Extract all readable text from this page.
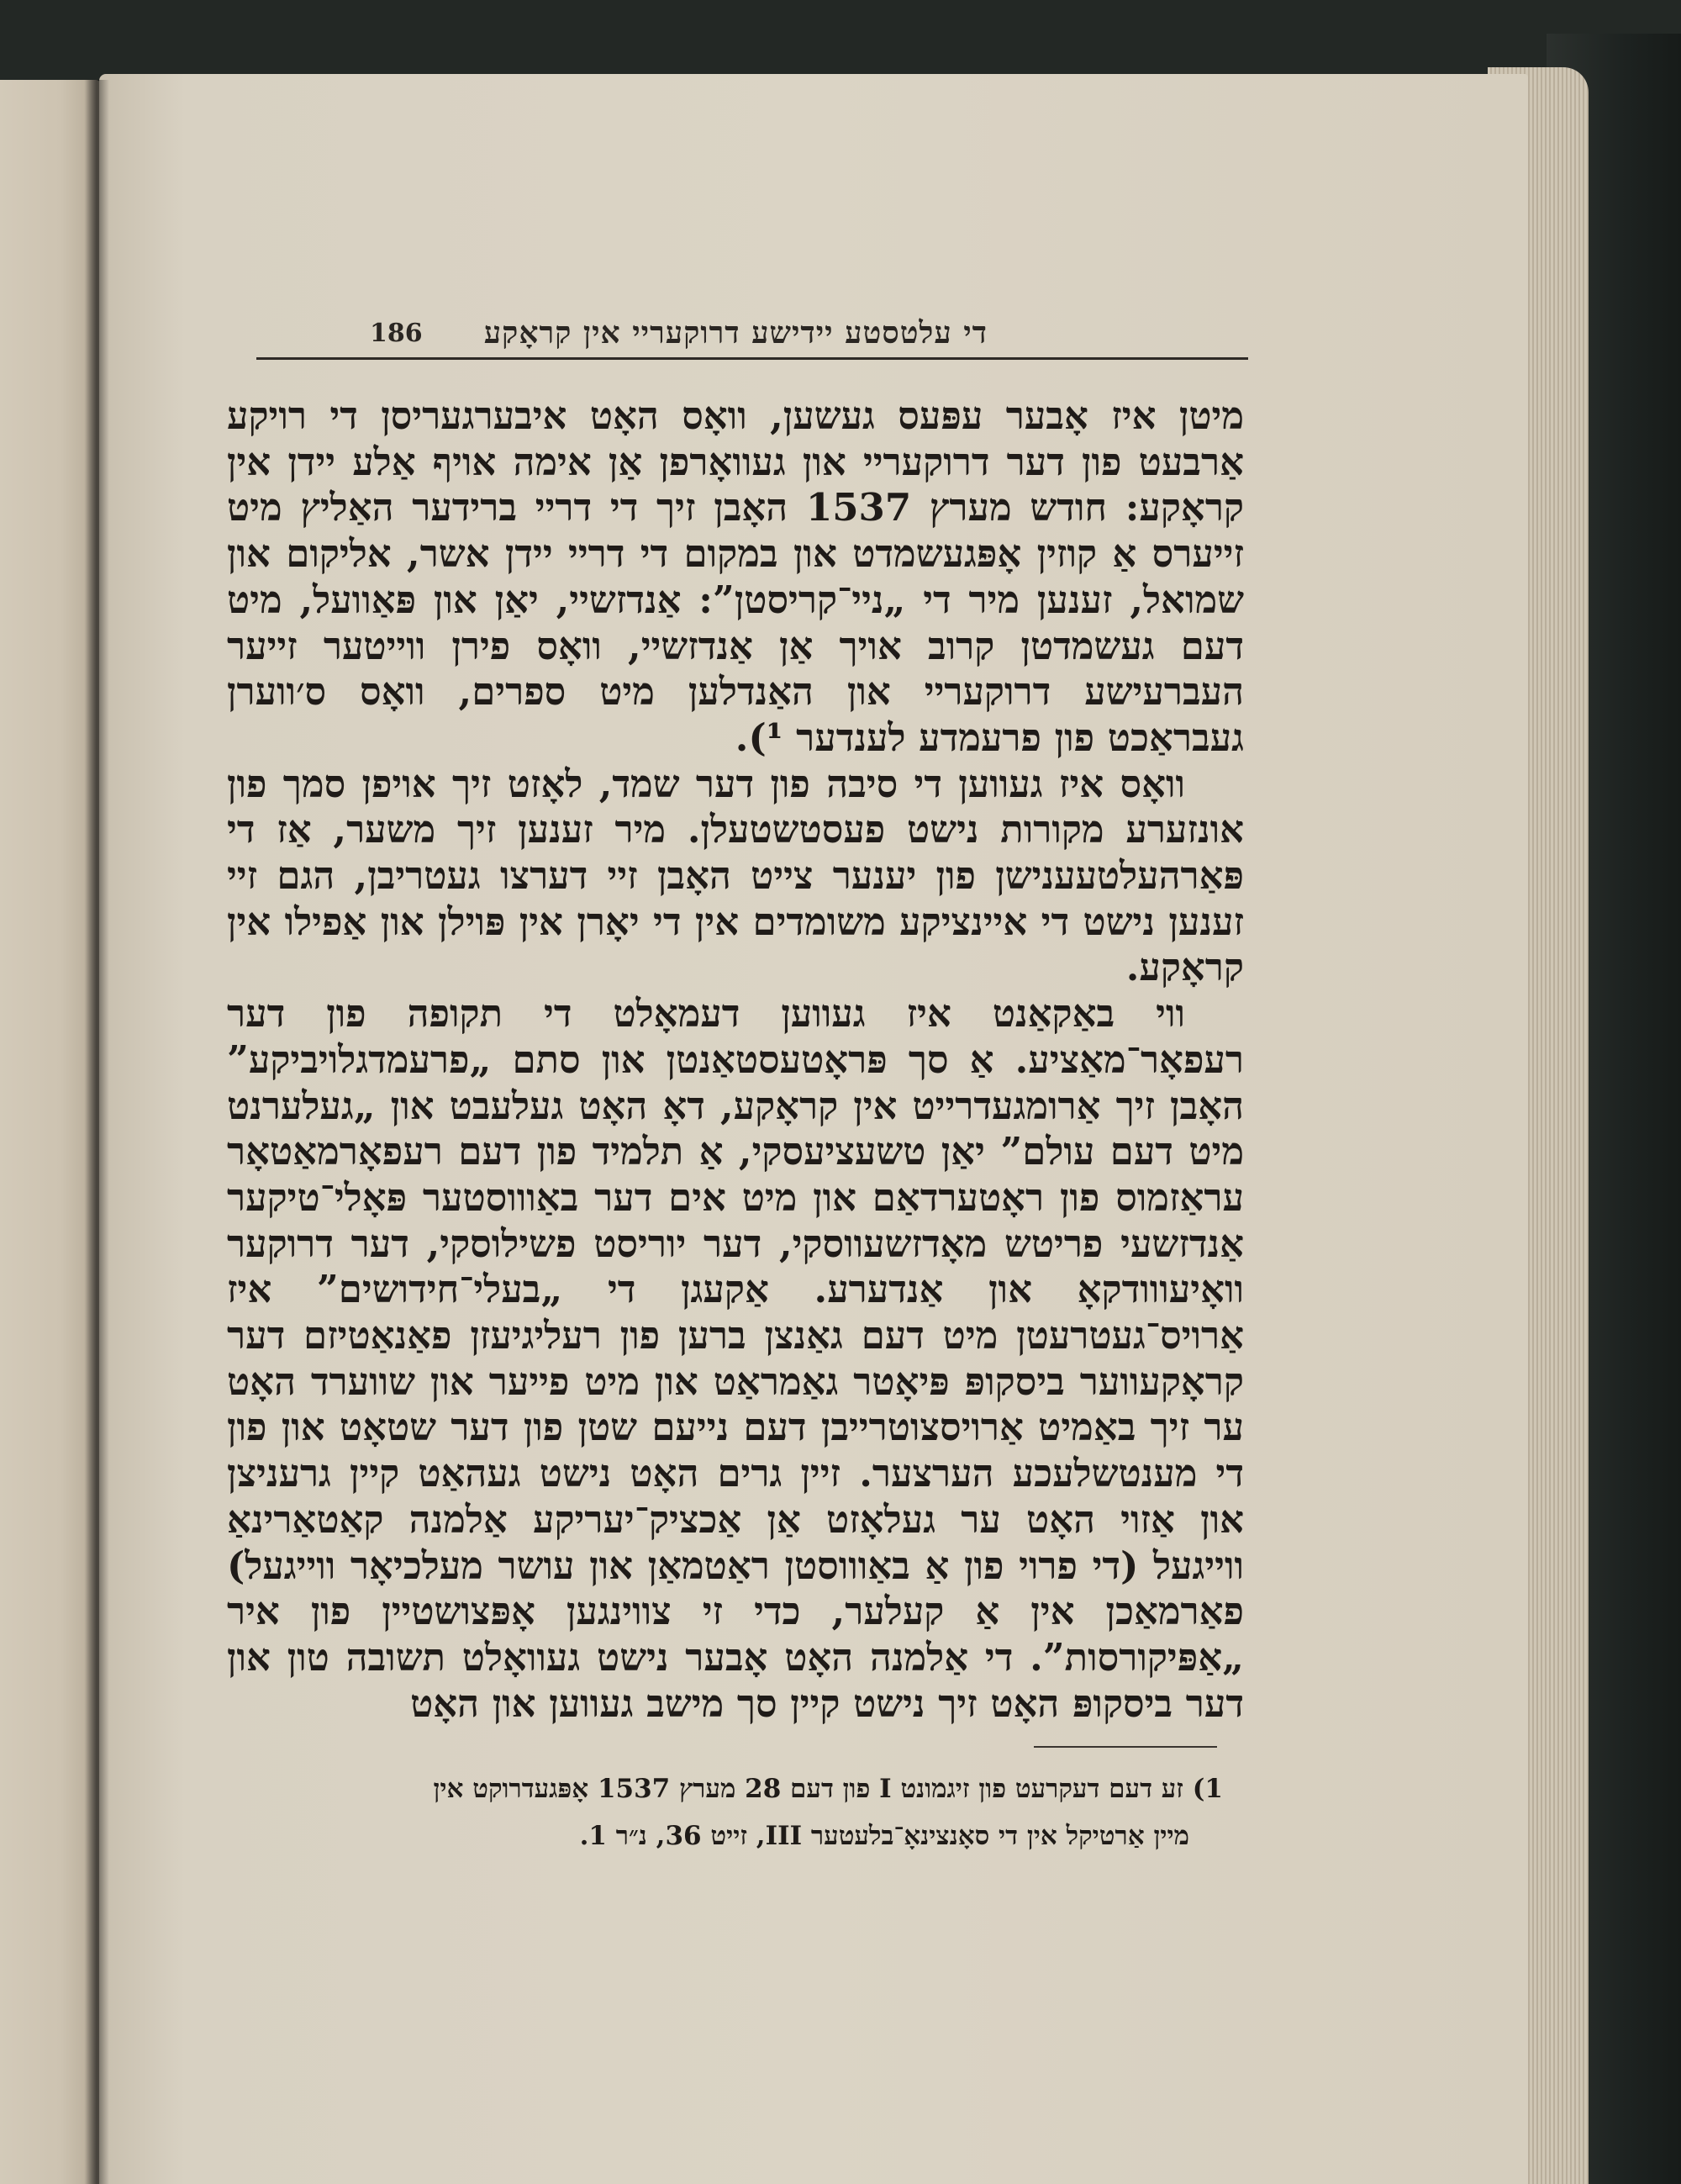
די עלטסטע יידישע דרוקעריי אין קראָקע
186

מיטן איז אָבער עפּעס געשען, וואָס האָט איבערגעריסן די רויקע אַרבעט פון דער דרוקעריי און געוואָרפן אַן אימה אויף אַלע יידן אין קראָקע: חודש מערץ 1537 האָבן זיך די דריי ברידער האַליץ מיט זייערס אַ קוזין אָפּגעשמדט און במקום די דריי יידן אשר, אליקום און שמואל, זענען מיר די „ניי־קריסטן”: אַנדזשיי, יאַן און פּאַוועל, מיט דעם געשמדטן קרוב אויך אַן אַנדזשיי, וואָס פירן ווייטער זייער העברעישע דרוקעריי און האַנדלען מיט ספרים, וואָס ס׳ווערן געבראַכט פון פרעמדע לענדער ¹).

וואָס איז געווען די סיבה פון דער שמד, לאָזט זיך אויפן סמך פון אונזערע מקורות נישט פעסטשטעלן. מיר זענען זיך משער, אַז די פּאַרהעלטעענישן פון יענער צייט האָבן זיי דערצו געטריבן, הגם זיי זענען נישט די איינציקע משומדים אין די יאָרן אין פּוילן און אַפילו אין קראָקע.

ווי באַקאַנט איז געווען דעמאָלט די תקופה פון דער רעפאָר־מאַציע. אַ סך פּראָטעסטאַנטן און סתם „פרעמדגלויביקע” האָבן זיך אַרומגעדרייט אין קראָקע, דאָ האָט געלעבט און „געלערנט מיט דעם עולם” יאַן טשעציעסקי, אַ תלמיד פון דעם רעפאָרמאַטאָר עראַזמוס פון ראָטערדאַם און מיט אים דער באַוווסטער פּאָלי־טיקער אַנדזשעי פריטש מאָדזשעווסקי, דער יוריסט פשילוסקי, דער דרוקער וואָיעווודקאָ און אַנדערע. אַקעגן די „בעלי־חידושים” איז אַרויס־געטרעטן מיט דעם גאַנצן ברען פון רעליגיעזן פאַנאַטיזם דער קראָקעווער ביסקופּ פּיאָטר גאַמראַט און מיט פייער און שווערד האָט ער זיך באַמיט אַרויסצוטרייבן דעם נייעם שטן פון דער שטאָט און פון די מענטשלעכע הערצער. זיין גרים האָט נישט געהאַט קיין גרעניצן און אַזוי האָט ער געלאָזט אַן אַכציק־יעריקע אַלמנה קאַטאַרינאַ ווייגעל (די פרוי פון אַ באַוווסטן ראַטמאַן און עושר מעלכיאָר ווייגעל) פאַרמאַכן אין אַ קעלער, כדי זי צווינגען אָפּצושטיין פון איר „אַפּיקורסות”. די אַלמנה האָט אָבער נישט געוואָלט תשובה טון און דער ביסקופּ האָט זיך נישט קיין סך מישב געווען און האָט

1) זע דעם דעקרעט פון זיגמונט I פון דעם 28 מערץ 1537 אָפּגעדרוקט אין

מיין אַרטיקל אין די סאָנצינאָ־בלעטער III, זייט 36, נ״ר 1.
